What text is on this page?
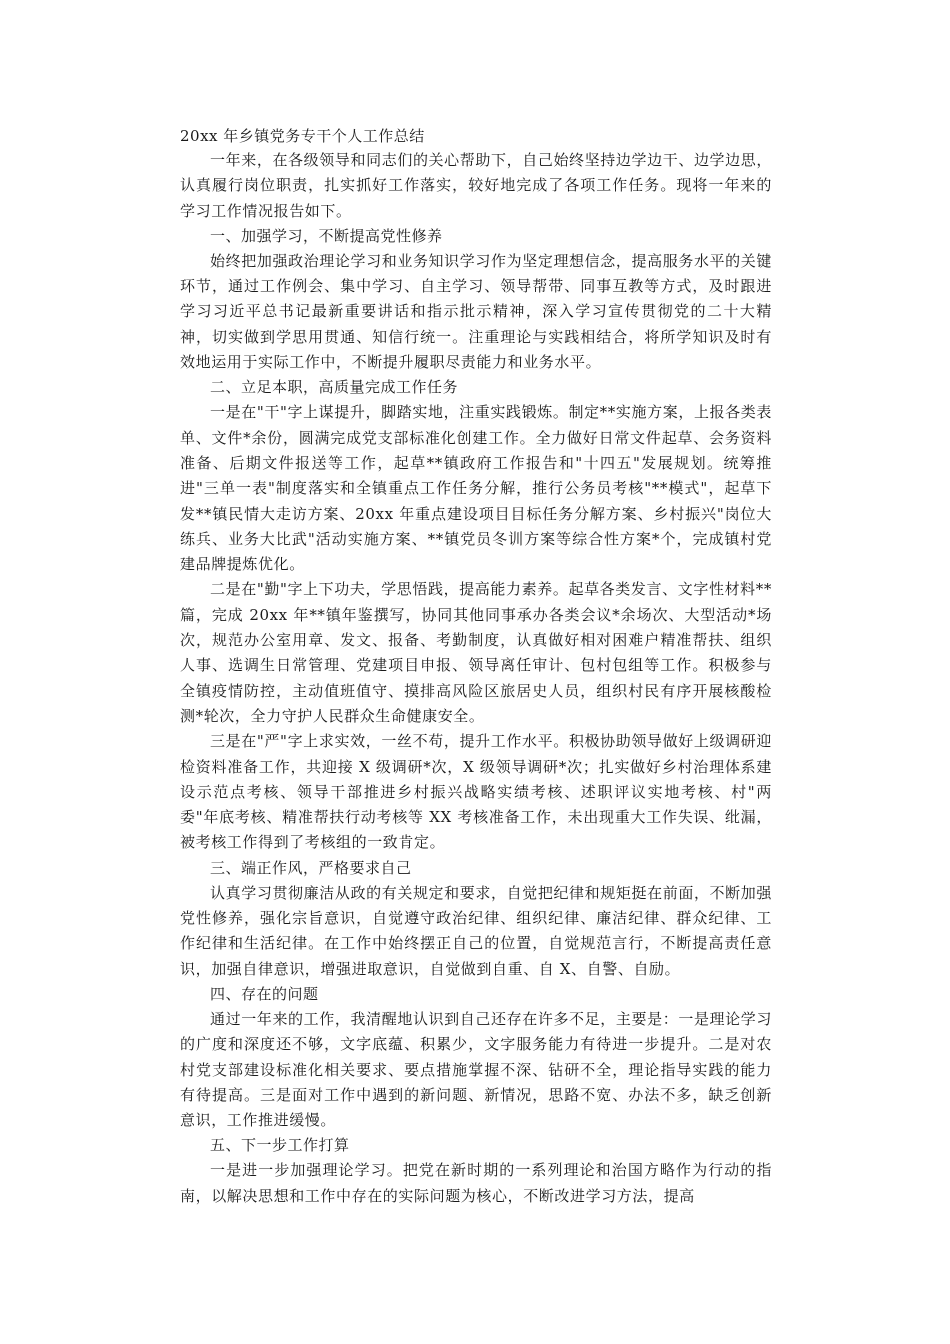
20xx 年乡镇党务专干个人工作总结

一年来，在各级领导和同志们的关心帮助下，自己始终坚持边学边干、边学边思，认真履行岗位职责，扎实抓好工作落实，较好地完成了各项工作任务。现将一年来的学习工作情况报告如下。

一、加强学习，不断提高党性修养

始终把加强政治理论学习和业务知识学习作为坚定理想信念，提高服务水平的关键环节，通过工作例会、集中学习、自主学习、领导帮带、同事互教等方式，及时跟进学习习近平总书记最新重要讲话和指示批示精神，深入学习宣传贯彻党的二十大精神，切实做到学思用贯通、知信行统一。注重理论与实践相结合，将所学知识及时有效地运用于实际工作中，不断提升履职尽责能力和业务水平。

二、立足本职，高质量完成工作任务

一是在"干"字上谋提升，脚踏实地，注重实践锻炼。制定**实施方案，上报各类表单、文件*余份，圆满完成党支部标准化创建工作。全力做好日常文件起草、会务资料准备、后期文件报送等工作，起草**镇政府工作报告和"十四五"发展规划。统筹推进"三单一表"制度落实和全镇重点工作任务分解，推行公务员考核"**模式"，起草下发**镇民情大走访方案、20xx 年重点建设项目目标任务分解方案、乡村振兴"岗位大练兵、业务大比武"活动实施方案、**镇党员冬训方案等综合性方案*个，完成镇村党建品牌提炼优化。

二是在"勤"字上下功夫，学思悟践，提高能力素养。起草各类发言、文字性材料**篇，完成 20xx 年**镇年鉴撰写，协同其他同事承办各类会议*余场次、大型活动*场次，规范办公室用章、发文、报备、考勤制度，认真做好相对困难户精准帮扶、组织人事、选调生日常管理、党建项目申报、领导离任审计、包村包组等工作。积极参与全镇疫情防控，主动值班值守、摸排高风险区旅居史人员，组织村民有序开展核酸检测*轮次，全力守护人民群众生命健康安全。

三是在"严"字上求实效，一丝不苟，提升工作水平。积极协助领导做好上级调研迎检资料准备工作，共迎接 X 级调研*次，X 级领导调研*次；扎实做好乡村治理体系建设示范点考核、领导干部推进乡村振兴战略实绩考核、述职评议实地考核、村"两委"年底考核、精准帮扶行动考核等 XX 考核准备工作，未出现重大工作失误、纰漏，被考核工作得到了考核组的一致肯定。

三、端正作风，严格要求自己

认真学习贯彻廉洁从政的有关规定和要求，自觉把纪律和规矩挺在前面，不断加强党性修养，强化宗旨意识，自觉遵守政治纪律、组织纪律、廉洁纪律、群众纪律、工作纪律和生活纪律。在工作中始终摆正自己的位置，自觉规范言行，不断提高责任意识，加强自律意识，增强进取意识，自觉做到自重、自 X、自警、自励。

四、存在的问题

通过一年来的工作，我清醒地认识到自己还存在许多不足，主要是：一是理论学习的广度和深度还不够，文字底蕴、积累少，文字服务能力有待进一步提升。二是对农村党支部建设标准化相关要求、要点措施掌握不深、钻研不全，理论指导实践的能力有待提高。三是面对工作中遇到的新问题、新情况，思路不宽、办法不多，缺乏创新意识，工作推进缓慢。

五、下一步工作打算

一是进一步加强理论学习。把党在新时期的一系列理论和治国方略作为行动的指南，以解决思想和工作中存在的实际问题为核心，不断改进学习方法，提高
